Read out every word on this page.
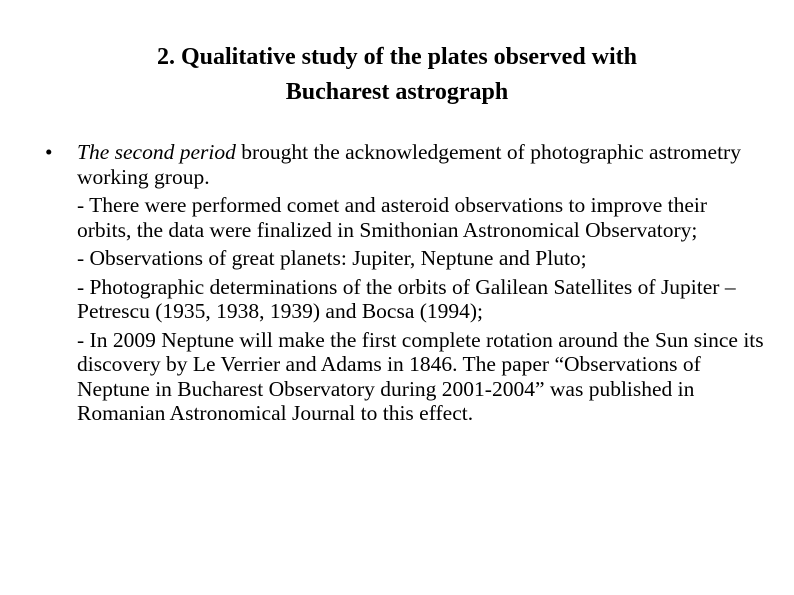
2. Qualitative study of the plates observed with
Bucharest astrograph
• The second period brought the acknowledgement of photographic astrometry working group.

- There were performed comet and asteroid observations to improve their orbits, the data were finalized in Smithonian Astronomical Observatory;

- Observations of great planets: Jupiter, Neptune and Pluto;

- Photographic determinations of the orbits of Galilean Satellites of Jupiter – Petrescu (1935, 1938, 1939) and Bocsa (1994);

- In 2009 Neptune will make the first complete rotation around the Sun since its discovery by Le Verrier and Adams in 1846. The paper “Observations of Neptune in Bucharest Observatory during 2001-2004” was published in Romanian Astronomical Journal to this effect.
